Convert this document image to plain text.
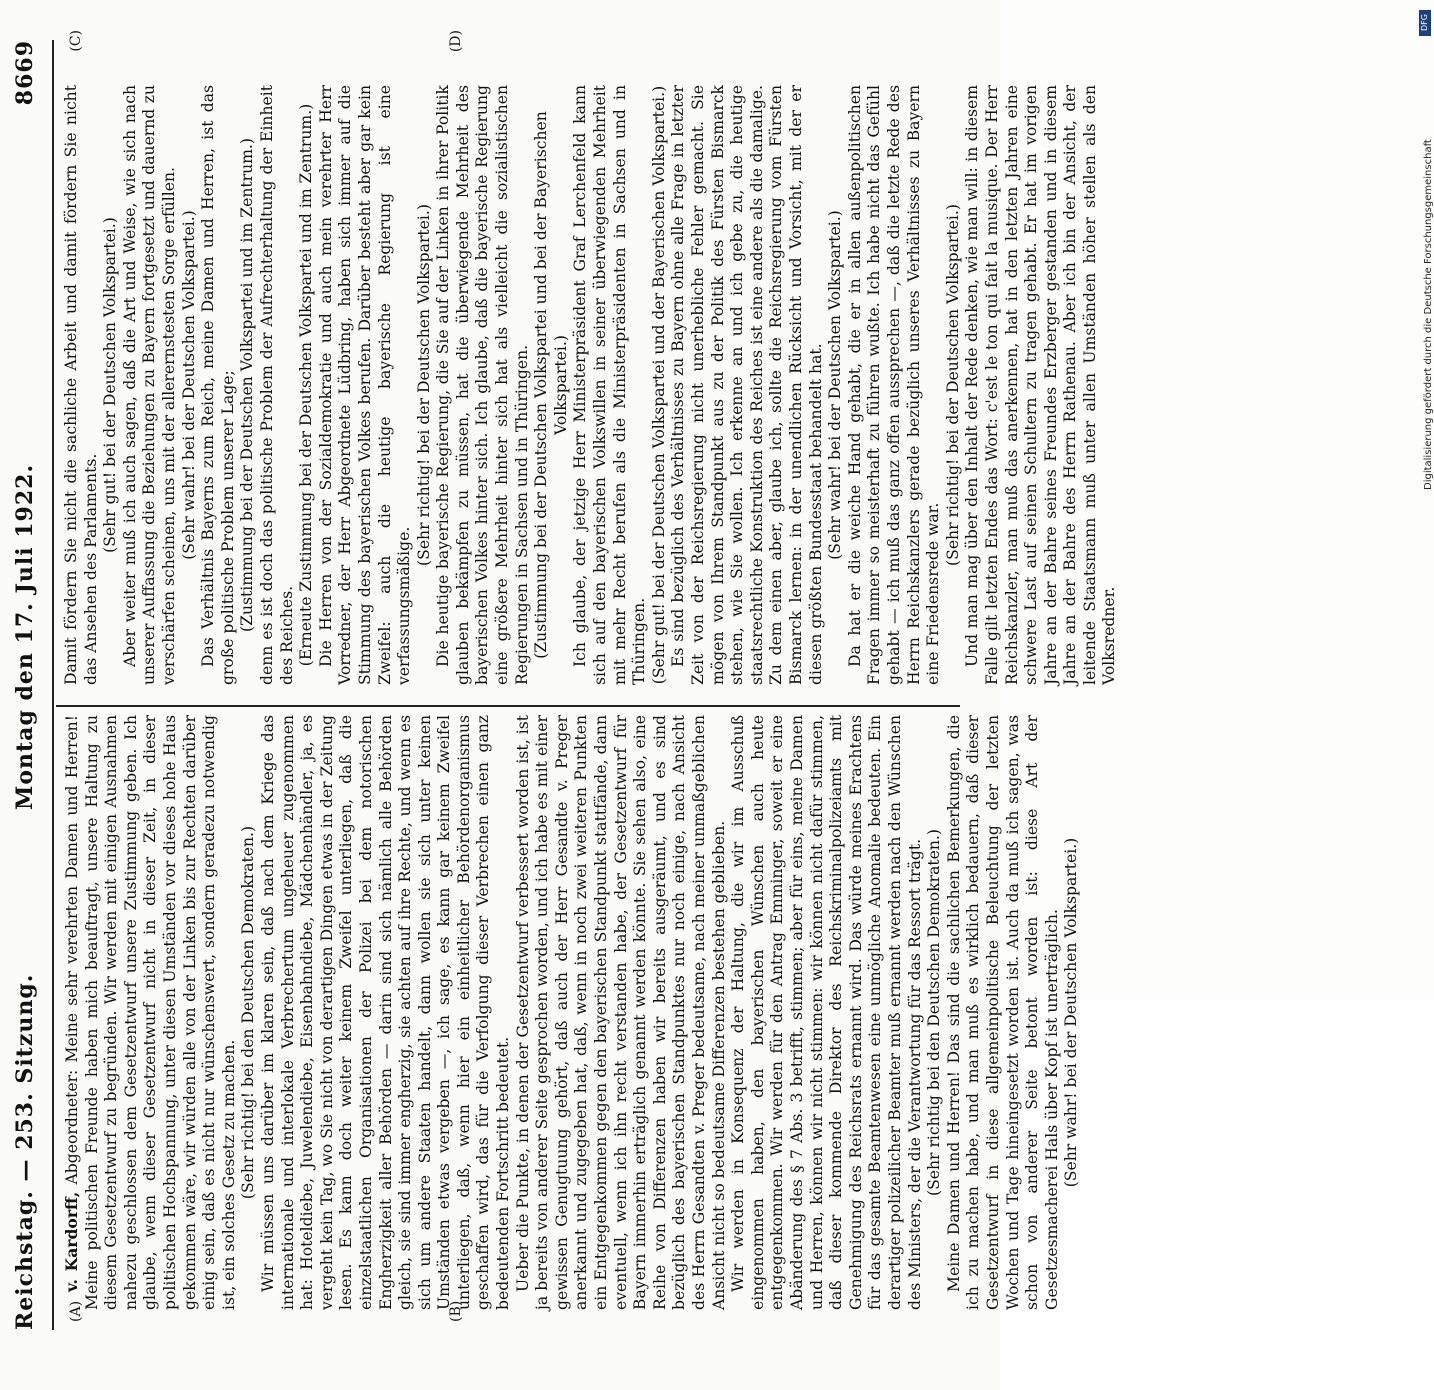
Reichstag. — 253. Sitzung.
Montag den 17. Juli 1922.
8669
(A)	(B)
(C)	(D)

v. Kardorff, Abgeordneter: Meine sehr verehrten Damen und Herren! Meine politischen Freunde haben mich beauftragt, unsere Haltung zu diesem Gesetzentwurf zu begründen. Wir werden mit einigen Ausnahmen nahezu geschlossen dem Gesetzentwurf unsere Zustimmung geben. Ich glaube, wenn dieser Gesetzentwurf nicht in dieser Zeit, in dieser politischen Hochspannung, unter diesen Umständen vor dieses hohe Haus gekommen wäre, wir würden alle von der Linken bis zur Rechten darüber einig sein, daß es nicht nur wünschenswert, sondern geradezu notwendig ist, ein solches Gesetz zu machen. (Sehr richtig! bei den Deutschen Demokraten.) Wir müssen uns darüber im klaren sein, daß nach dem Kriege das internationale und interlokale Verbrechertum ungeheuer zugenommen hat: Hoteldiebe, Juwelendiebe, Eisenbahndiebe, Mädchenhändler, ja, es vergeht kein Tag, wo Sie nicht von derartigen Dingen etwas in der Zeitung lesen. Es kann doch weiter keinem Zweifel unterliegen, daß die einzelstaatlichen Organisationen der Polizei bei dem notorischen Engherzigkeit aller Behörden — darin sind sich nämlich alle Behörden gleich, sie sind immer engherzig, sie achten auf ihre Rechte, und wenn es sich um andere Staaten handelt, dann wollen sie sich unter keinen Umständen etwas vergeben —, ich sage, es kann gar keinem Zweifel unterliegen, daß, wenn hier ein einheitlicher Behördenorganismus geschaffen wird, das für die Verfolgung dieser Verbrechen einen ganz bedeutenden Fortschritt bedeutet. Ueber die Punkte, in denen der Gesetzentwurf verbessert worden ist, ist ja bereits von anderer Seite gesprochen worden, und ich habe es mit einer gewissen Genugtuung gehört, daß auch der Herr Gesandte v. Preger anerkannt und zugegeben hat, daß, wenn in noch zwei weiteren Punkten ein Entgegenkommen gegen den bayerischen Standpunkt stattfände, dann eventuell, wenn ich ihn recht verstanden habe, der Gesetzentwurf für Bayern immerhin erträglich genannt werden könnte. Sie sehen also, eine Reihe von Differenzen haben wir bereits ausgeräumt, und es sind bezüglich des bayerischen Standpunktes nur noch einige, nach Ansicht des Herrn Gesandten v. Preger bedeutsame, nach meiner unmaßgeblichen Ansicht nicht so bedeutsame Differenzen bestehen geblieben. Wir werden in Konsequenz der Haltung, die wir im Ausschuß eingenommen haben, den bayerischen Wünschen auch heute entgegenkommen. Wir werden für den Antrag Emminger, soweit er eine Abänderung des § 7 Abs. 3 betrifft, stimmen; aber für eins, meine Damen und Herren, können wir nicht stimmen: wir können nicht dafür stimmen, daß dieser kommende Direktor des Reichskriminalpolizeiamts mit Genehmigung des Reichsrats ernannt wird. Das würde meines Erachtens für das gesamte Beamtenwesen eine unmögliche Anomalie bedeuten. Ein derartiger polizeilicher Beamter muß ernannt werden nach den Wünschen des Ministers, der die Verantwortung für das Ressort trägt. (Sehr richtig bei den Deutschen Demokraten.) Meine Damen und Herren! Das sind die sachlichen Bemerkungen, die ich zu machen habe, und man muß es wirklich bedauern, daß dieser Gesetzentwurf in diese allgemeinpolitische Beleuchtung der letzten Wochen und Tage hineingesetzt worden ist. Auch da muß ich sagen, was schon von anderer Seite betont worden ist: diese Art der Gesetzesmacherei Hals über Kopf ist unerträglich. (Sehr wahr! bei der Deutschen Volkspartei.)

Damit fördern Sie nicht die sachliche Arbeit und damit fördern Sie nicht das Ansehen des Parlaments.

(Sehr gut! bei der Deutschen Volkspartei.) Aber weiter muß ich auch sagen, daß die Art und Weise, wie sich nach unserer Auffassung die Beziehungen zu Bayern fortgesetzt und dauernd zu verschärfen scheinen, uns mit der allerernstesten Sorge erfüllen. (Sehr wahr! bei der Deutschen Volkspartei.) Das Verhältnis Bayerns zum Reich, meine Damen und Herren, ist das große politische Problem unserer Lage; (Zustimmung bei der Deutschen Volkspartei und im Zentrum.) denn es ist doch das politische Problem der Aufrechterhaltung der Einheit des Reiches. (Erneute Zustimmung bei der Deutschen Volkspartei und im Zentrum.) Die Herren von der Sozialdemokratie und auch mein verehrter Herr Vorredner, der Herr Abgeordnete Lüdbring, haben sich immer auf die Stimmung des bayerischen Volkes berufen. Darüber besteht aber gar kein Zweifel: auch die heutige bayerische Regierung ist eine verfassungsmäßige.

(Sehr richtig! bei der Deutschen Volkspartei.) Die heutige bayerische Regierung, die Sie auf der Linken in ihrer Politik glauben bekämpfen zu müssen, hat die überwiegende Mehrheit des bayerischen Volkes hinter sich. Ich glaube, daß die bayerische Regierung eine größere Mehrheit hinter sich hat als vielleicht die sozialistischen Regierungen in Sachsen und in Thüringen. (Zustimmung bei der Deutschen Volkspartei und bei der Bayerischen Volkspartei.) Ich glaube, der jetzige Herr Ministerpräsident Graf Lerchenfeld kann sich auf den bayerischen Volkswillen in seiner überwiegenden Mehrheit mit mehr Recht berufen als die Ministerpräsidenten in Sachsen und in Thüringen. (Sehr gut! bei der Deutschen Volkspartei und der Bayerischen Volkspartei.) Es sind bezüglich des Verhältnisses zu Bayern ohne alle Frage in letzter Zeit von der Reichsregierung nicht unerhebliche Fehler gemacht. Sie mögen von Ihrem Standpunkt aus zu der Politik des Fürsten Bismarck stehen, wie Sie wollen. Ich erkenne an und ich gebe zu, die heutige staatsrechtliche Konstruktion des Reiches ist eine andere als die damalige. Zu dem einen aber, glaube ich, sollte die Reichsregierung vom Fürsten Bismarck lernen: in der unendlichen Rücksicht und Vorsicht, mit der er diesen größten Bundesstaat behandelt hat. (Sehr wahr! bei der Deutschen Volkspartei.) Da hat er die weiche Hand gehabt, die er in allen außenpolitischen Fragen immer so meisterhaft zu führen wußte. Ich habe nicht das Gefühl gehabt — ich muß das ganz offen aussprechen —, daß die letzte Rede des Herrn Reichskanzlers gerade bezüglich unseres Verhältnisses zu Bayern eine Friedensrede war.

(Sehr richtig! bei der Deutschen Volkspartei.) Und man mag über den Inhalt der Rede denken, wie man will: in diesem Falle gilt letzten Endes das Wort: c'est le ton qui fait la musique. Der Herr Reichskanzler, man muß das anerkennen, hat in den letzten Jahren eine schwere Last auf seinen Schultern zu tragen gehabt. Er hat im vorigen Jahre an der Bahre seines Freundes Erzberger gestanden und in diesem Jahre an der Bahre des Herrn Rathenau. Aber ich bin der Ansicht, der leitende Staatsmann muß unter allen Umständen höher stellen als den Volksredner.

DFG
Digitalisierung gefördert durch die Deutsche Forschungsgemeinschaft
